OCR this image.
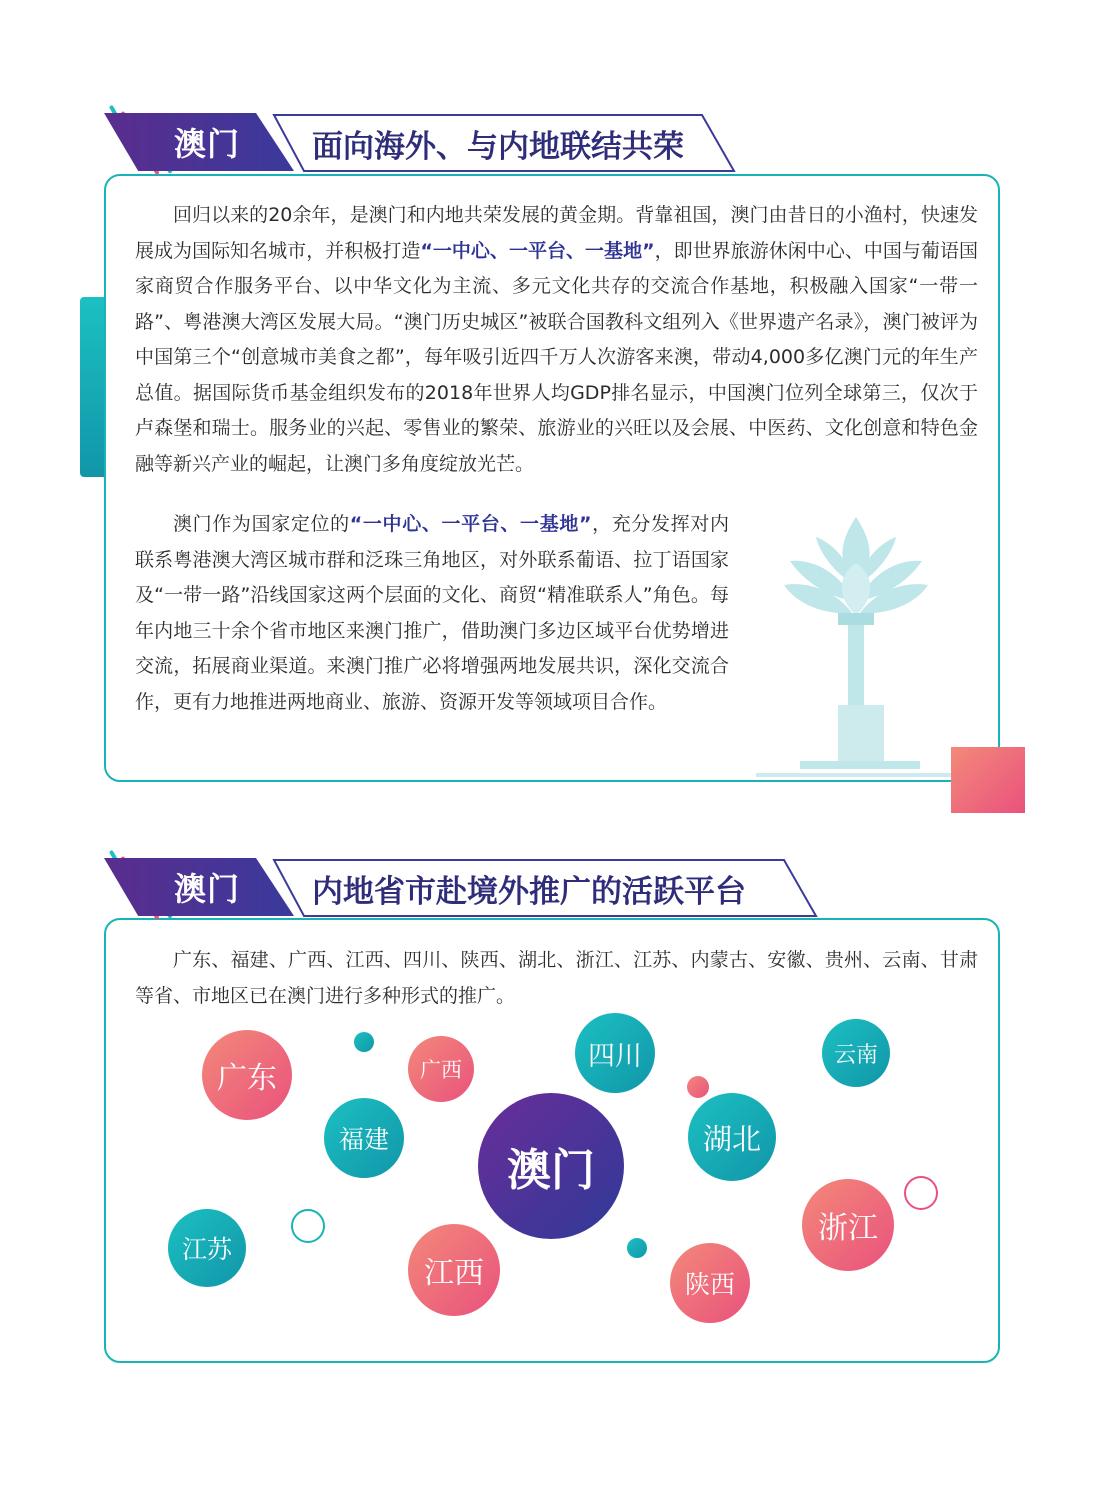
澳门 面向海外、与内地联结共荣

回归以来的20余年，是澳门和内地共荣发展的黄金期。背靠祖国，澳门由昔日的小渔村，快速发展成为国际知名城市，并积极打造“一中心、一平台、一基地”，即世界旅游休闲中心、中国与葡语国家商贸合作服务平台、以中华文化为主流、多元文化共存的交流合作基地，积极融入国家“一带一路”、粤港澳大湾区发展大局。“澳门历史城区”被联合国教科文组列入《世界遗产名录》，澳门被评为中国第三个“创意城市美食之都”，每年吸引近四千万人次游客来澳，带动4,000多亿澳门元的年生产总值。据国际货币基金组织发布的2018年世界人均GDP排名显示，中国澳门位列全球第三，仅次于卢森堡和瑞士。服务业的兴起、零售业的繁荣、旅游业的兴旺以及会展、中医药、文化创意和特色金融等新兴产业的崛起，让澳门多角度绽放光芒。

澳门作为国家定位的“一中心、一平台、一基地”，充分发挥对内联系粤港澳大湾区城市群和泛珠三角地区，对外联系葡语、拉丁语国家及“一带一路”沿线国家这两个层面的文化、商贸“精准联系人”角色。每年内地三十余个省市地区来澳门推广，借助澳门多边区域平台优势增进交流，拓展商业渠道。来澳门推广必将增强两地发展共识，深化交流合作，更有力地推进两地商业、旅游、资源开发等领域项目合作。

澳门 内地省市赴境外推广的活跃平台

广东、福建、广西、江西、四川、陕西、湖北、浙江、江苏、内蒙古、安徽、贵州、云南、甘肃等省、市地区已在澳门进行多种形式的推广。

广东	广西	四川	云南
福建
澳门
湖北
浙江
江苏
江西	陕西
